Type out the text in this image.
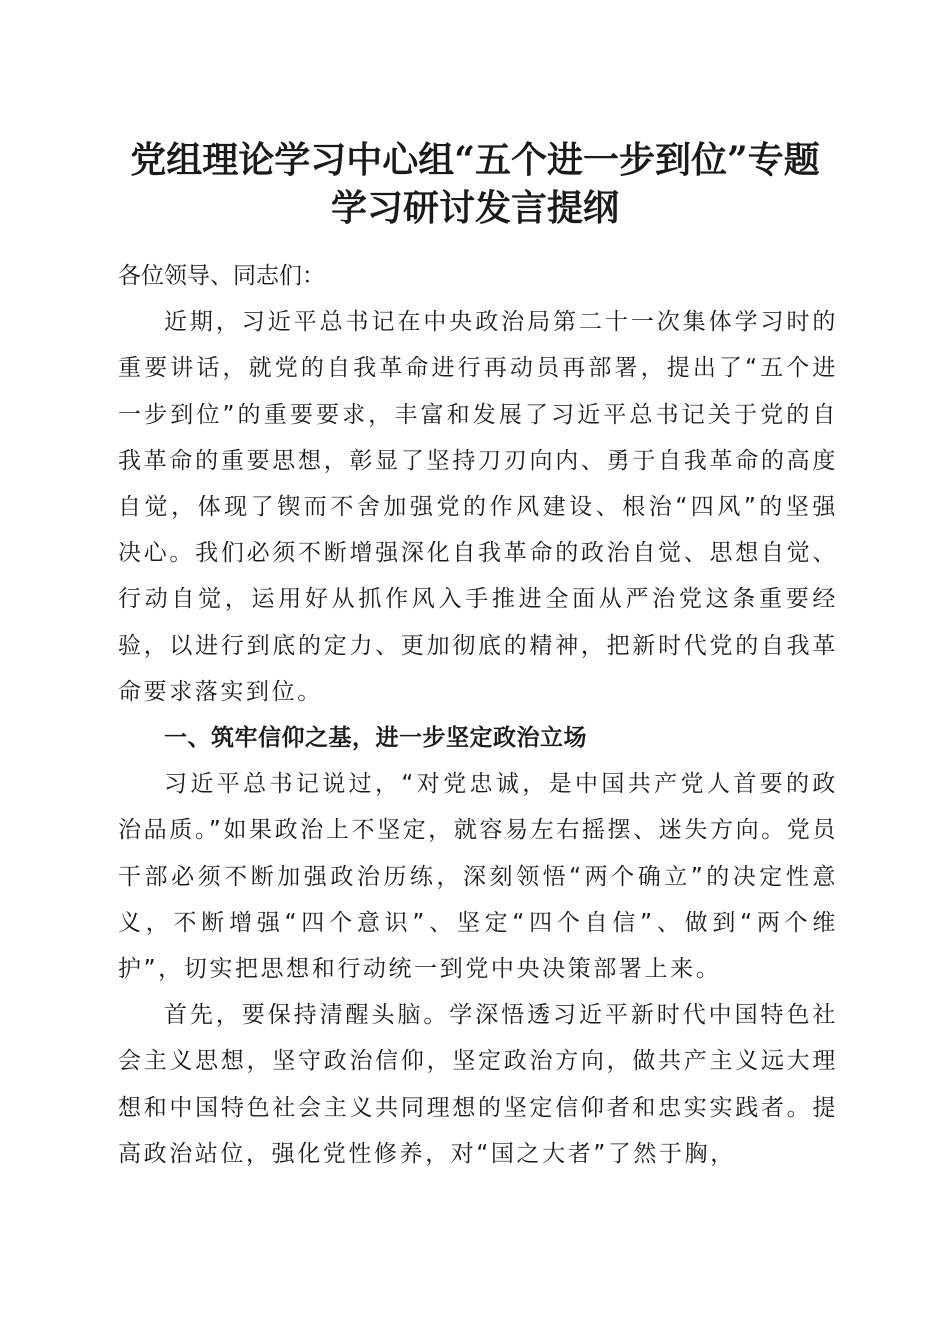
党组理论学习中心组“五个进一步到位”专题
学习研讨发言提纲

各位领导、同志们：

近期，习近平总书记在中央政治局第二十一次集体学习时的重要讲话，就党的自我革命进行再动员再部署，提出了“五个进一步到位”的重要要求，丰富和发展了习近平总书记关于党的自我革命的重要思想，彰显了坚持刀刃向内、勇于自我革命的高度自觉，体现了锲而不舍加强党的作风建设、根治“四风”的坚强决心。我们必须不断增强深化自我革命的政治自觉、思想自觉、行动自觉，运用好从抓作风入手推进全面从严治党这条重要经验，以进行到底的定力、更加彻底的精神，把新时代党的自我革命要求落实到位。

一、筑牢信仰之基，进一步坚定政治立场

习近平总书记说过，“对党忠诚，是中国共产党人首要的政治品质。”如果政治上不坚定，就容易左右摇摆、迷失方向。党员干部必须不断加强政治历练，深刻领悟“两个确立”的决定性意义，不断增强“四个意识”、坚定“四个自信”、做到“两个维护”，切实把思想和行动统一到党中央决策部署上来。

首先，要保持清醒头脑。学深悟透习近平新时代中国特色社会主义思想，坚守政治信仰，坚定政治方向，做共产主义远大理想和中国特色社会主义共同理想的坚定信仰者和忠实实践者。提高政治站位，强化党性修养，对“国之大者”了然于胸，
